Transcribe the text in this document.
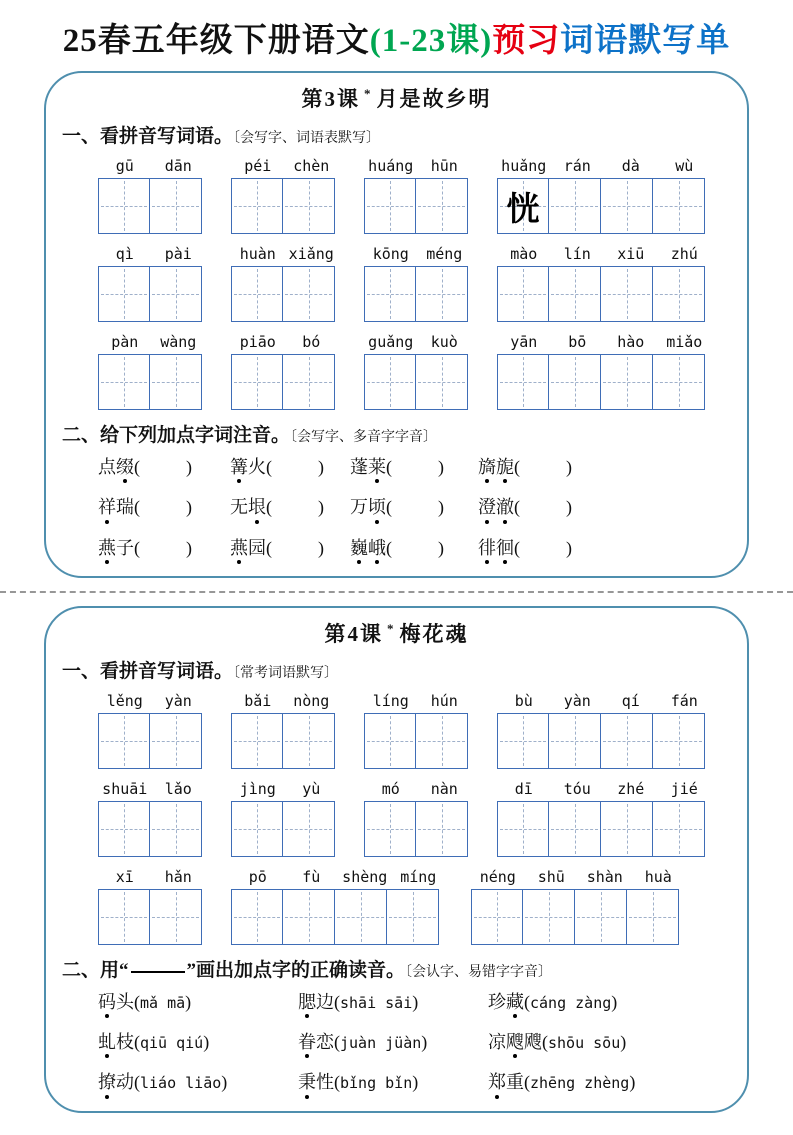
25春五年级下册语文(1-23课)预习词语默写单
第3课 * 月是故乡明
一、看拼音写词语。〔会写字、词语表默写〕
gū	dān	péi	chèn	huáng	hūn	huǎng	rán	dà	wù
恍
qì	pài	huàn xiǎng	kōng	méng	mào	lín	xiū	zhú
pàn	wàng	piāo	bó	guǎng	kuò	yān	bō	hào	miǎo
二、给下列加点字词注音。〔会写字、多音字字音〕
点缀(	)	篝火(	)	蓬莱(	)	旖旎(	)
祥瑞(	)	无垠(	)	万顷(	)	澄澈(	)
燕子(	)	燕园(	)	巍峨(	)	徘徊(	)
第4课 * 梅花魂
一、看拼音写词语。〔常考词语默写〕
lěng	yàn	bǎi	nòng	líng	hún	bù	yàn	qí	fán
shuāi	lǎo	jìng	yù	mó	nàn	dī	tóu	zhé	jié
xī	hǎn	pō	fù	shèng míng	néng	shū	shàn	huà
二、用“	”画出加点字的正确读音。〔会认字、易错字字音〕
码头(mǎ mā)	腮边(shāi sāi)	珍藏(cáng zàng)
虬枝(qiū qiú)	眷恋(juàn jüàn)	凉飕飕(shōu sōu)
撩动(liáo liāo)	秉性(bǐng bǐn)	郑重(zhēng zhèng)
